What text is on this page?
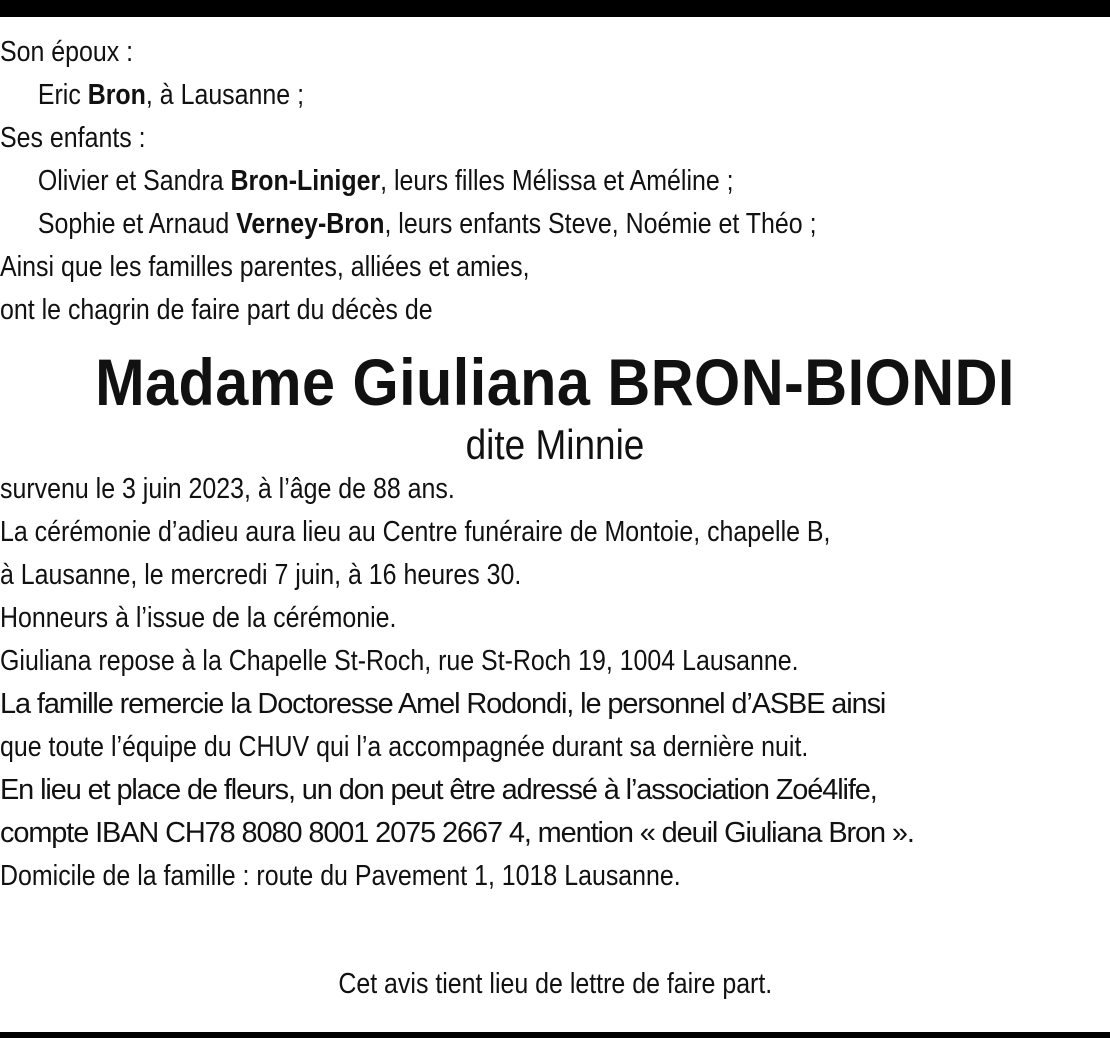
Son époux :
Eric Bron, à Lausanne ;
Ses enfants :
Olivier et Sandra Bron-Liniger, leurs filles Mélissa et Améline ;
Sophie et Arnaud Verney-Bron, leurs enfants Steve, Noémie et Théo ;
Ainsi que les familles parentes, alliées et amies,
ont le chagrin de faire part du décès de
Madame Giuliana BRON-BIONDI
dite Minnie
survenu le 3 juin 2023, à l’âge de 88 ans.
La cérémonie d’adieu aura lieu au Centre funéraire de Montoie, chapelle B,
à Lausanne, le mercredi 7 juin, à 16 heures 30.
Honneurs à l’issue de la cérémonie.
Giuliana repose à la Chapelle St-Roch, rue St-Roch 19, 1004 Lausanne.
La famille remercie la Doctoresse Amel Rodondi, le personnel d’ASBE ainsi
que toute l’équipe du CHUV qui l’a accompagnée durant sa dernière nuit.
En lieu et place de fleurs, un don peut être adressé à l’association Zoé4life,
compte IBAN CH78 8080 8001 2075 2667 4, mention « deuil Giuliana Bron ».
Domicile de la famille : route du Pavement 1, 1018 Lausanne.
Cet avis tient lieu de lettre de faire part.
